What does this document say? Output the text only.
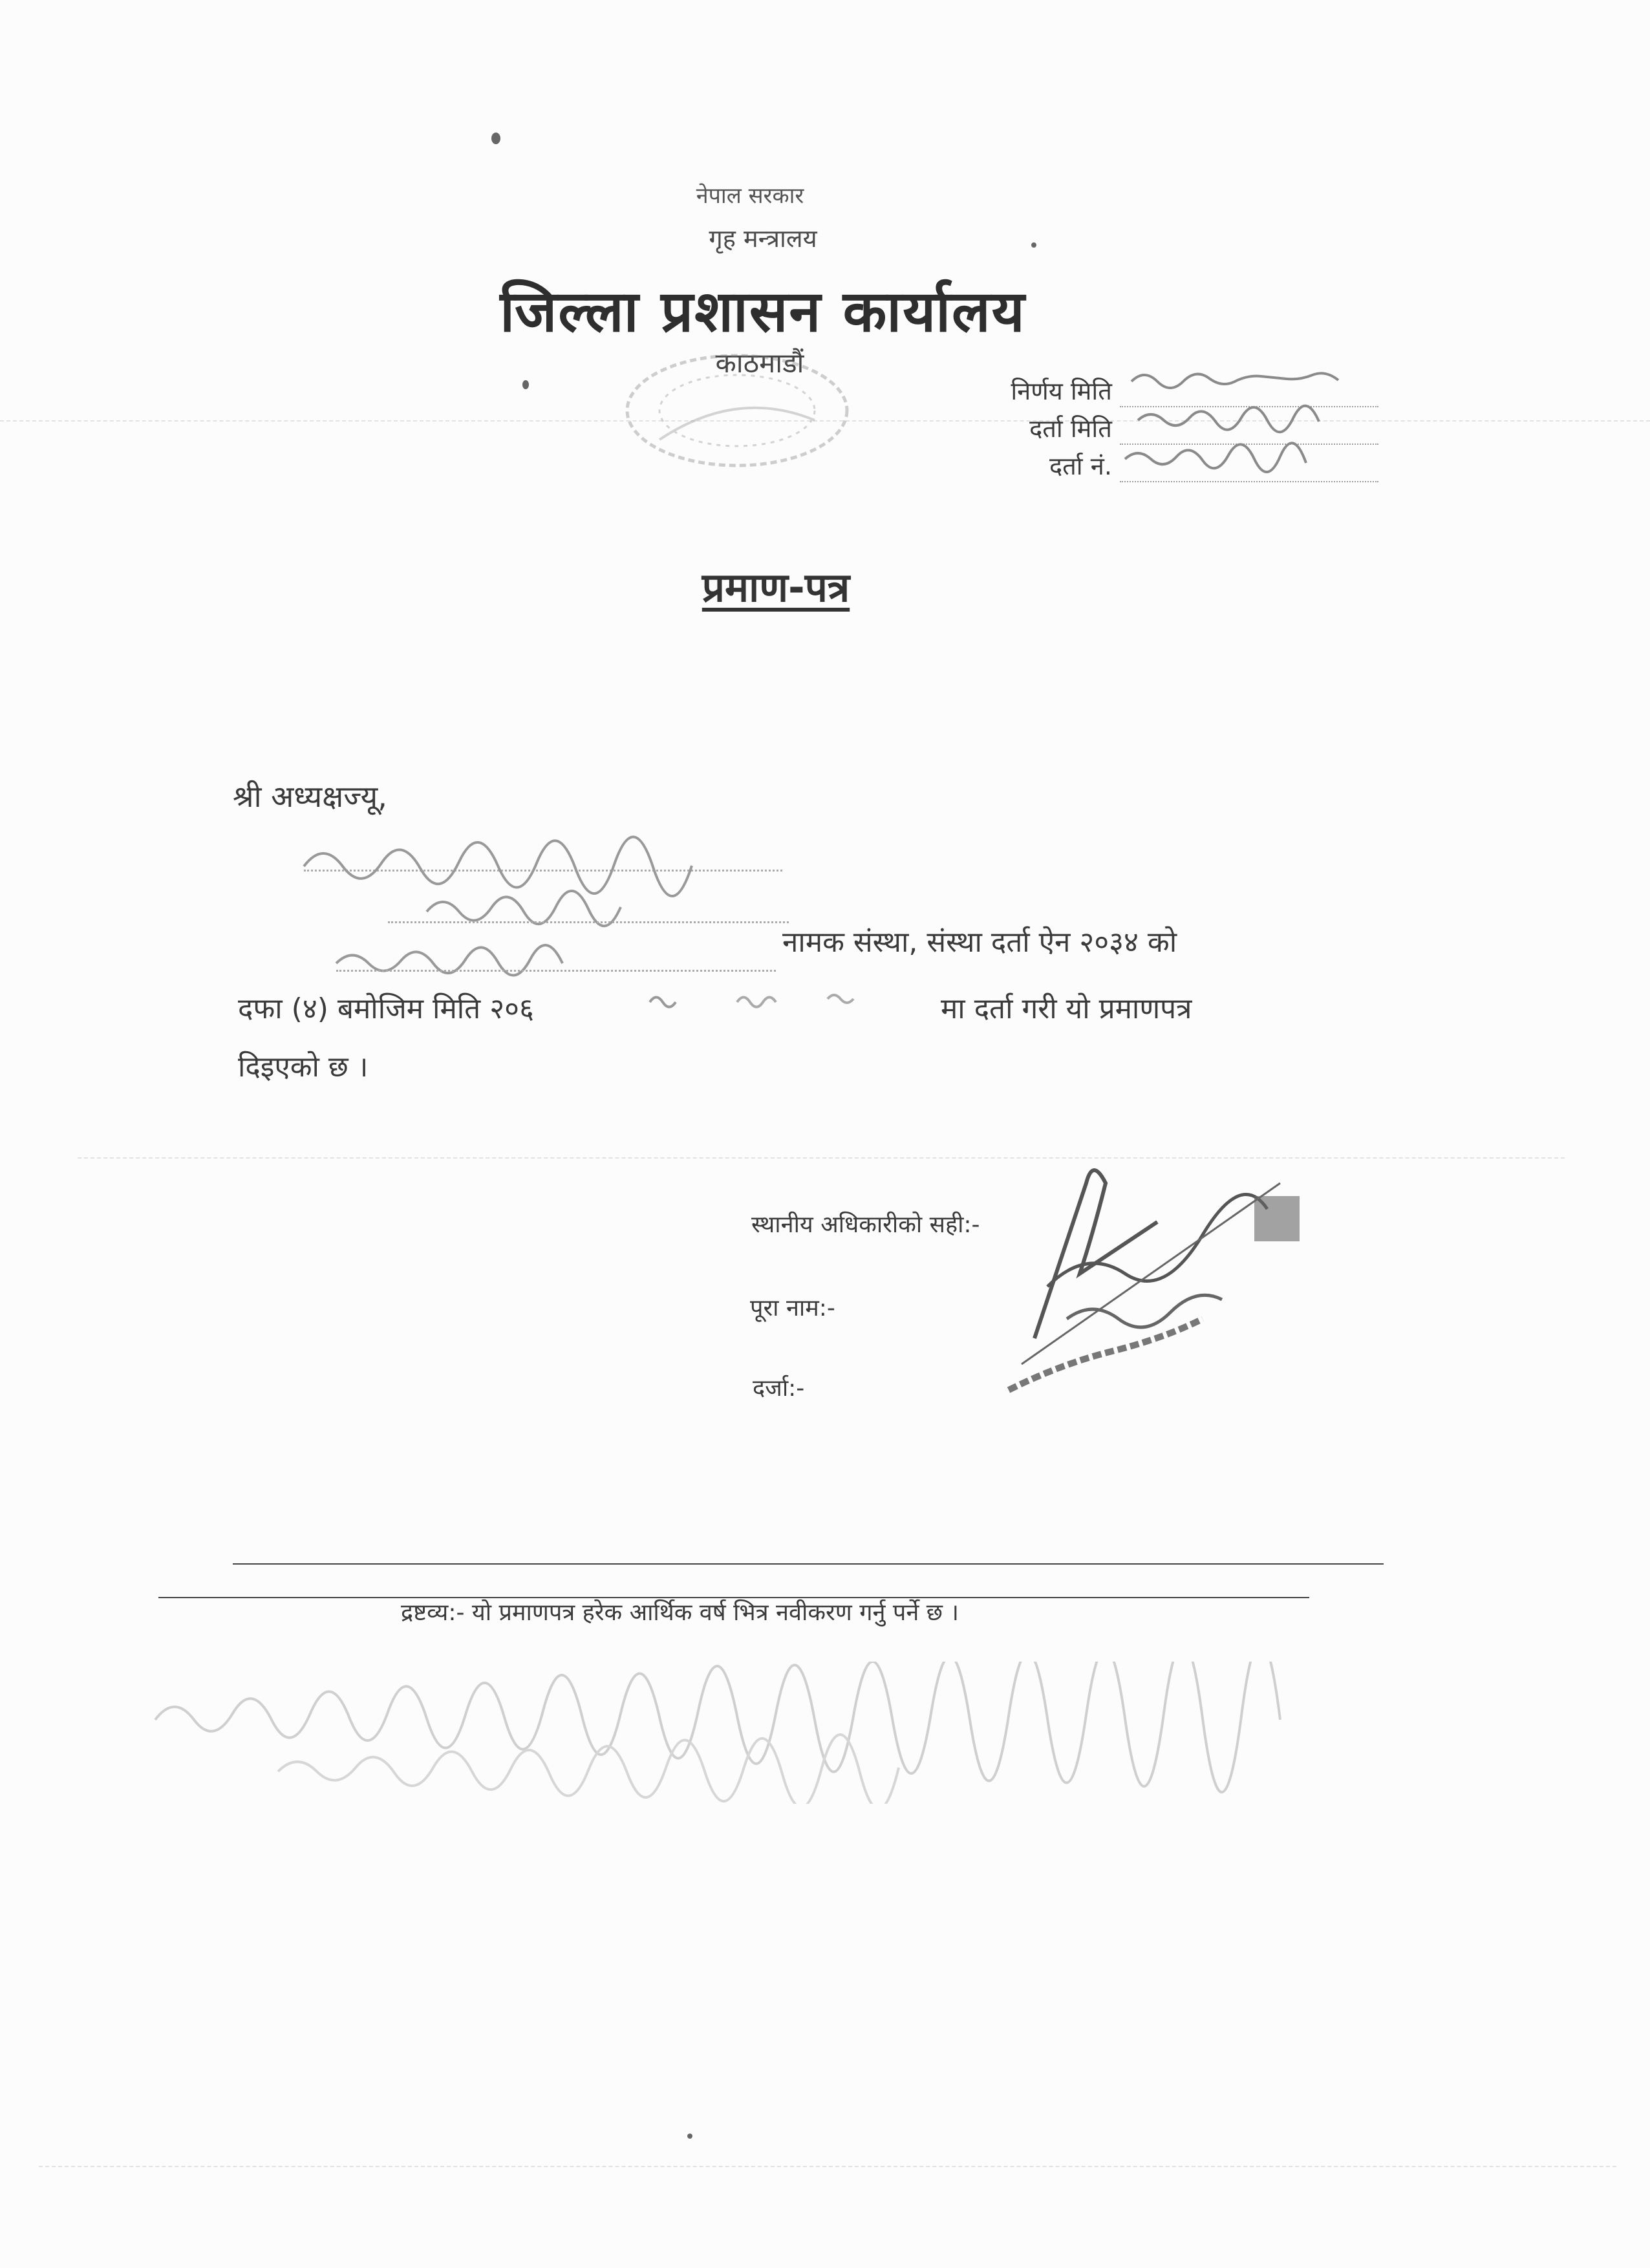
नेपाल सरकार
गृह मन्त्रालय
जिल्ला प्रशासन कार्यालय
काठमाडौं
निर्णय मिति
दर्ता मिति
दर्ता नं.
प्रमाण-पत्र
श्री अध्यक्षज्यू,
नामक संस्था, संस्था दर्ता ऐन २०३४ को
दफा (४) बमोजिम मिति २०६	मा दर्ता गरी यो प्रमाणपत्र
दिइएको छ ।
स्थानीय अधिकारीको सही:-
पूरा नाम:-
दर्जा:-
द्रष्टव्य:- यो प्रमाणपत्र हरेक आर्थिक वर्ष भित्र नवीकरण गर्नु पर्ने छ ।
